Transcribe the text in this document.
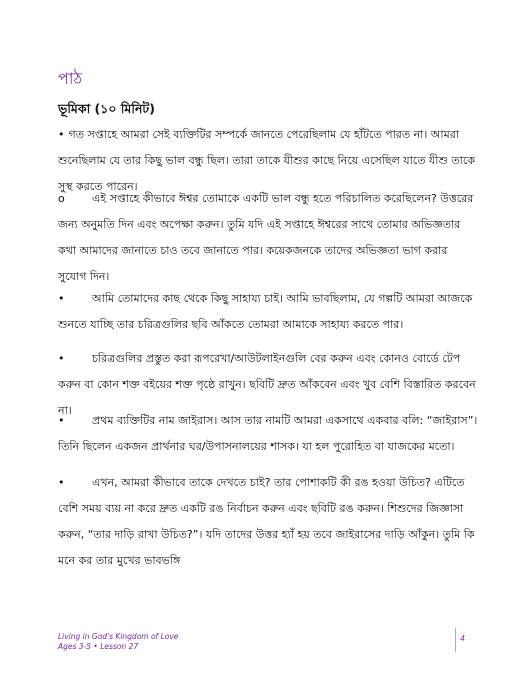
পাঠ
ভূমিকা (১০ মিনিট)

• গত সপ্তাহে আমরা সেই ব্যক্তিটির সম্পর্কে জানতে পেরেছিলাম যে হাঁটতে পারত না। আমরা শুনেছিলাম যে তার কিছু ভাল বন্ধু ছিল। তারা তাকে যীশুর কাছে নিয়ে এসেছিল যাতে যীশু তাকে সুস্থ করতে পারেন।

o এই সপ্তাহে কীভাবে ঈশ্বর তোমাকে একটি ভাল বন্ধু হতে পরিচালিত করেছিলেন? উত্তরের জন্য অনুমতি দিন এবং অপেক্ষা করুন। তুমি যদি এই সপ্তাহে ঈশ্বরের সাথে তোমার অভিজ্ঞতার কথা আমাদের জানাতে চাও তবে জানাতে পার। কয়েকজনকে তাদের অভিজ্ঞতা ভাগ করার সুযোগ দিন।

•	আমি তোমাদের কাছ থেকে কিছু সাহায্য চাই। আমি ভাবছিলাম, যে গল্পটি আমরা আজকে শুনতে যাচ্ছি তার চরিত্রগুলির ছবি আঁকতে তোমরা আমাকে সাহায্য করতে পার।

•	চরিত্রগুলির প্রস্তুত করা রূপরেখা/আউটলাইনগুলি বের করুন এবং কোনও বোর্ডে টেপ করুন বা কোন শক্ত বইয়ের শক্ত পৃষ্ঠে রাখুন। ছবিটি দ্রুত আঁকবেন এবং খুব বেশি বিস্তারিত করবেন না।

•	প্রথম ব্যক্তিটির নাম জাইরাস। আস তার নামটি আমরা একসাথে একবার বলি: “জাইরাস”। তিনি ছিলেন একজন প্রার্থনার ঘর/উপাসনালয়ের শাসক। যা হল পুরোহিত বা যাজকের মতো।

•	এখন, আমরা কীভাবে তাকে দেখতে চাই? তার পোশাকটি কী রঙ হওয়া উচিত? এটিতে বেশি সময় ব্যয় না করে দ্রুত একটি রঙ নির্বাচন করুন এবং ছবিটি রঙ করুন। শিশুদের জিজ্ঞাসা করুন, “তার দাড়ি রাখা উচিত?”। যদি তাদের উত্তর হ্যাঁ হয় তবে জাইরাসের দাড়ি আঁকুন। তুমি কি মনে কর তার মুখের ভাবভঙ্গি

Living in God's Kingdom of Love
Ages 3-5 • Lesson 27
4
